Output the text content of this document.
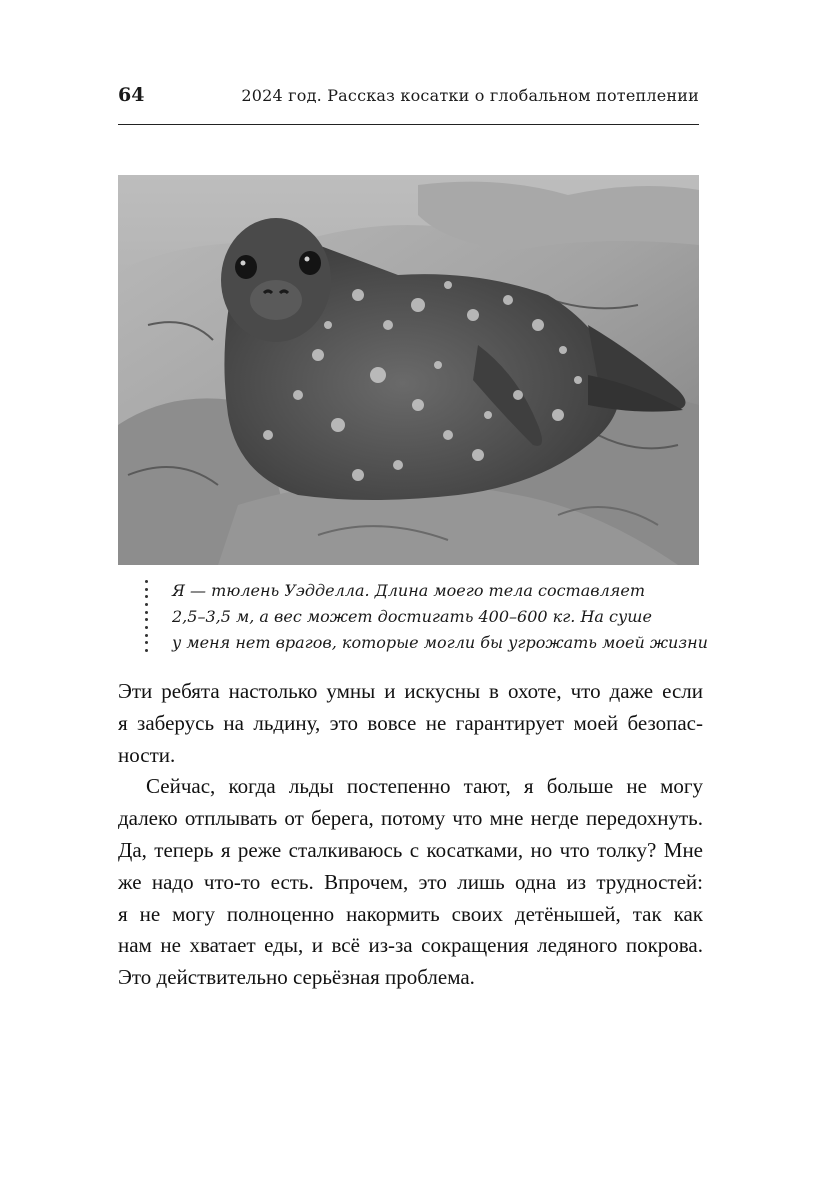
64	2024 год. Рассказ косатки о глобальном потеплении
Я — тюлень Уэдделла. Длина моего тела составляет
2,5–3,5 м, а вес может достигать 400–600 кг. На суше
у меня нет врагов, которые могли бы угрожать моей жизни
Эти ребята настолько умны и искусны в охоте, что даже если
я заберусь на льдину, это вовсе не гарантирует моей безопас-
ности.
Сейчас, когда льды постепенно тают, я больше не могу
далеко отплывать от берега, потому что мне негде передохнуть.
Да, теперь я реже сталкиваюсь с косатками, но что толку? Мне
же надо что-то есть. Впрочем, это лишь одна из трудностей:
я не могу полноценно накормить своих детёнышей, так как
нам не хватает еды, и всё из-за сокращения ледяного покрова.
Это действительно серьёзная проблема.
